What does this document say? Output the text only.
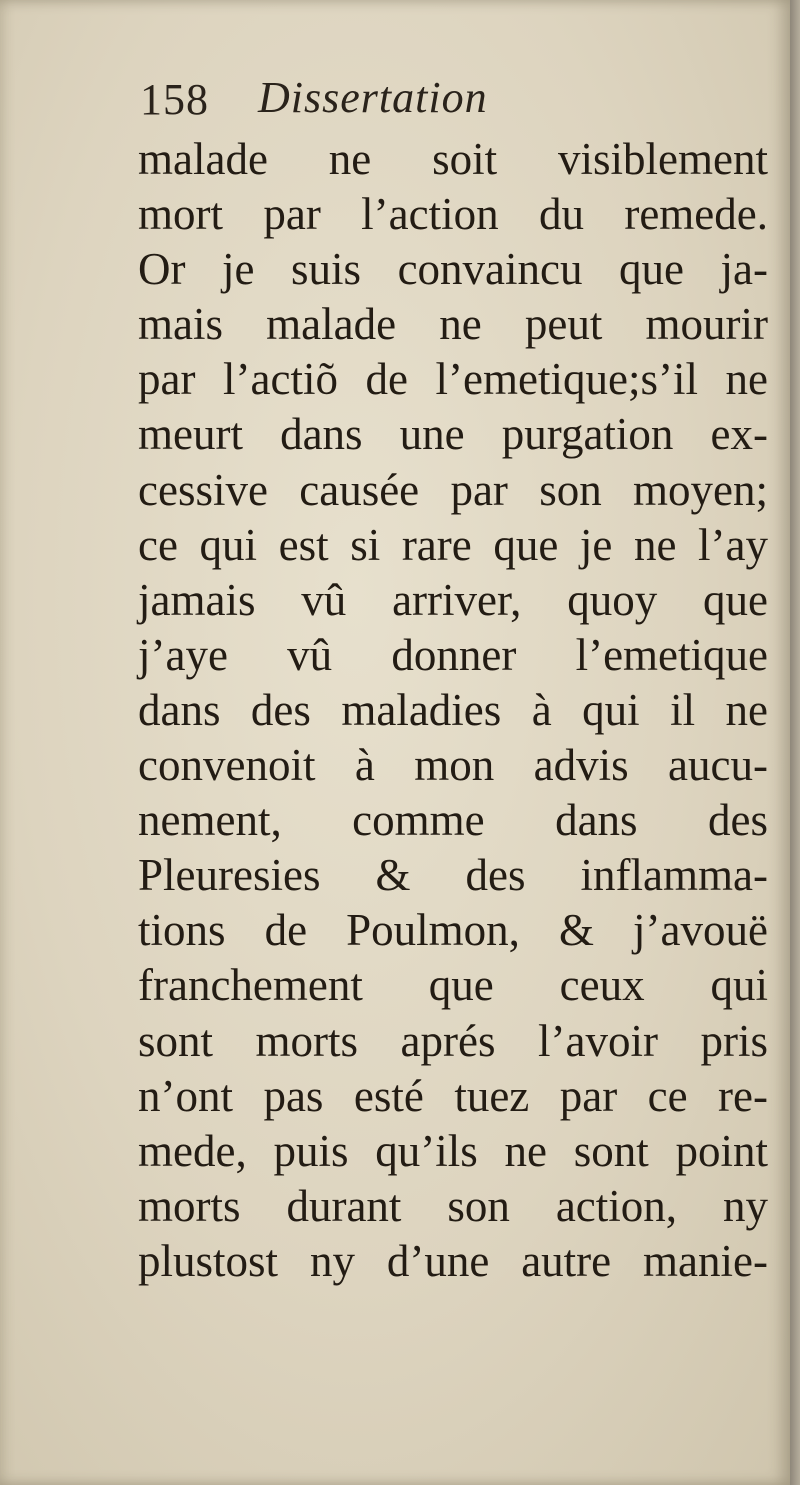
158 Dissertation
malade ne soit visiblement
mort par l’action du remede.
Or je suis convaincu que ja-
mais malade ne peut mourir
par l’actiõ de l’emetique;s’il ne
meurt dans une purgation ex-
cessive causée par son moyen;
ce qui est si rare que je ne l’ay
jamais vû arriver, quoy que
j’aye vû donner l’emetique
dans des maladies à qui il ne
convenoit à mon advis aucu-
nement, comme dans des
Pleuresies & des inflamma-
tions de Poulmon, & j’avouë
franchement que ceux qui
sont morts aprés l’avoir pris
n’ont pas esté tuez par ce re-
mede, puis qu’ils ne sont point
morts durant son action, ny
plustost ny d’une autre manie-
